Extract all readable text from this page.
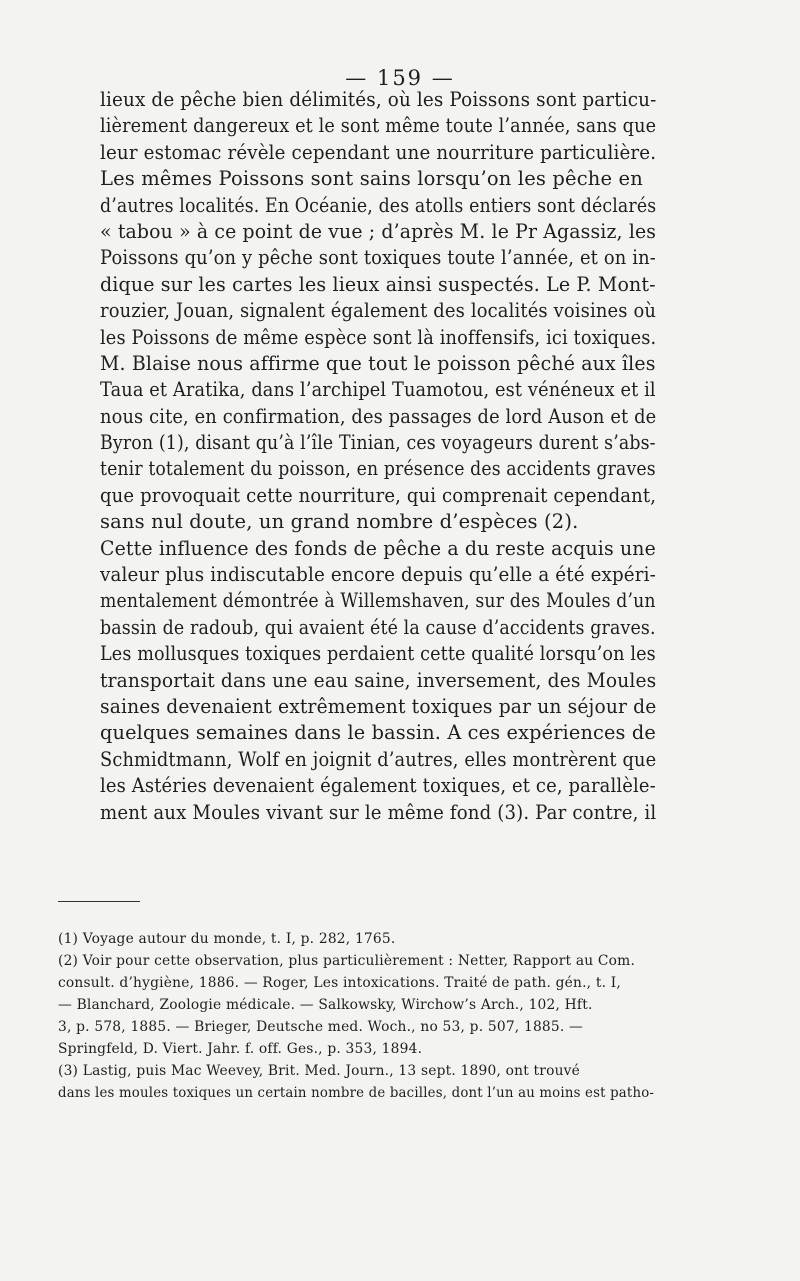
— 159 —
lieux de pêche bien délimités, où les Poissons sont particu-
lièrement dangereux et le sont même toute l’année, sans que
leur estomac révèle cependant une nourriture particulière.
Les mêmes Poissons sont sains lorsqu’on les pêche en
d’autres localités. En Océanie, des atolls entiers sont déclarés
« tabou » à ce point de vue ; d’après M. le Pr Agassiz, les
Poissons qu’on y pêche sont toxiques toute l’année, et on in-
dique sur les cartes les lieux ainsi suspectés. Le P. Mont-
rouzier, Jouan, signalent également des localités voisines où
les Poissons de même espèce sont là inoffensifs, ici toxiques.
M. Blaise nous affirme que tout le poisson pêché aux îles
Taua et Aratika, dans l’archipel Tuamotou, est vénéneux et il
nous cite, en confirmation, des passages de lord Auson et de
Byron (1), disant qu’à l’île Tinian, ces voyageurs durent s’abs-
tenir totalement du poisson, en présence des accidents graves
que provoquait cette nourriture, qui comprenait cependant,
sans nul doute, un grand nombre d’espèces (2).
Cette influence des fonds de pêche a du reste acquis une
valeur plus indiscutable encore depuis qu’elle a été expéri-
mentalement démontrée à Willemshaven, sur des Moules d’un
bassin de radoub, qui avaient été la cause d’accidents graves.
Les mollusques toxiques perdaient cette qualité lorsqu’on les
transportait dans une eau saine, inversement, des Moules
saines devenaient extrêmement toxiques par un séjour de
quelques semaines dans le bassin. A ces expériences de
Schmidtmann, Wolf en joignit d’autres, elles montrèrent que
les Astéries devenaient également toxiques, et ce, parallèle-
ment aux Moules vivant sur le même fond (3). Par contre, il
(1) Voyage autour du monde, t. I, p. 282, 1765.
(2) Voir pour cette observation, plus particulièrement : Netter, Rapport au Com.
consult. d’hygiène, 1886. — Roger, Les intoxications. Traité de path. gén., t. I,
— Blanchard, Zoologie médicale. — Salkowsky, Wirchow’s Arch., 102, Hft.
3, p. 578, 1885. — Brieger, Deutsche med. Woch., no 53, p. 507, 1885. —
Springfeld, D. Viert. Jahr. f. off. Ges., p. 353, 1894.
(3) Lastig, puis Mac Weevey, Brit. Med. Journ., 13 sept. 1890, ont trouvé
dans les moules toxiques un certain nombre de bacilles, dont l’un au moins est patho-
